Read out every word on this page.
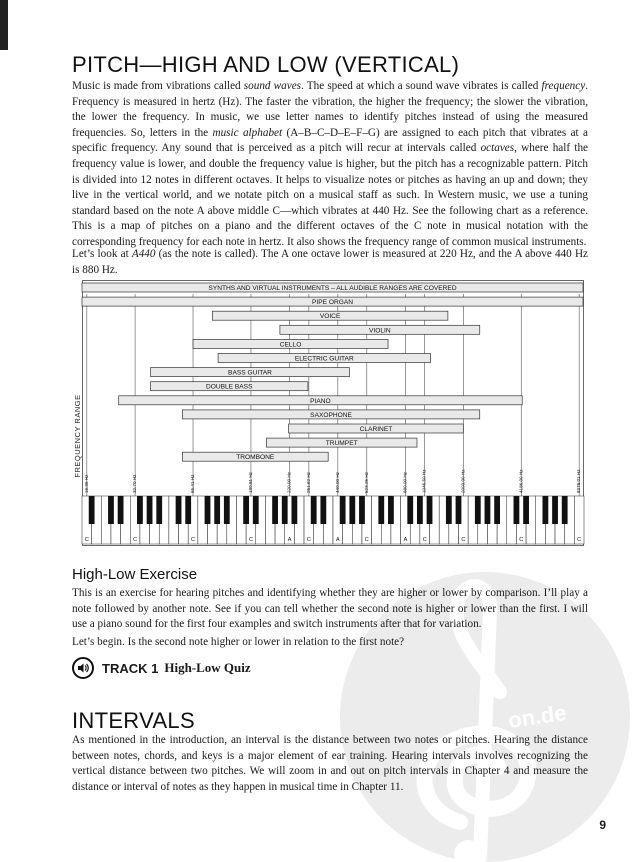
on.de
PITCH—HIGH AND LOW (VERTICAL)

Music is made from vibrations called sound waves. The speed at which a sound wave vibrates is called frequency. Frequency is measured in hertz (Hz). The faster the vibration, the higher the frequency; the slower the vibration, the lower the frequency. In music, we use letter names to identify pitches instead of using the measured frequencies. So, letters in the music alphabet (A–B–C–D–E–F–G) are assigned to each pitch that vibrates at a specific frequency. Any sound that is perceived as a pitch will recur at intervals called octaves, where half the frequency value is lower, and double the frequency value is higher, but the pitch has a recognizable pattern. Pitch is divided into 12 notes in different octaves. It helps to visualize notes or pitches as having an up and down; they live in the vertical world, and we notate pitch on a musical staff as such. In Western music, we use a tuning standard based on the note A above middle C—which vibrates at 440 Hz. See the following chart as a reference. This is a map of pitches on a piano and the different octaves of the C note in musical notation with the corresponding frequency for each note in hertz. It also shows the frequency range of common musical instruments.

Let’s look at A440 (as the note is called). The A one octave lower is measured at 220 Hz, and the A above 440 Hz is 880 Hz.

SYNTHS AND VIRTUAL INSTRUMENTS – ALL AUDIBLE RANGES ARE COVERED
PIPE ORGAN
VOICE
VIOLIN
CELLO
ELECTRIC GUITAR
BASS GUITAR
DOUBLE BASS
PIANO
SAXOPHONE
CLARINET
TRUMPET
TROMBONE
FREQUENCY RANGE
16.35 Hz	32.70 Hz	65.41 Hz	130.81 Hz	220.00 Hz	261.62 Hz	440.00 Hz	523.25 Hz	880.00 Hz	1046.50 Hz	2093.00 Hz	4186.00 Hz	8376.01 Hz
C	C	C	C	A	C	A	C	A	C	C	C	C
High-Low Exercise

This is an exercise for hearing pitches and identifying whether they are higher or lower by comparison. I’ll play a note followed by another note. See if you can tell whether the second note is higher or lower than the first. I will use a piano sound for the first four examples and switch instruments after that for variation.

Let’s begin. Is the second note higher or lower in relation to the first note?

TRACK 1 High-Low Quiz
INTERVALS

As mentioned in the introduction, an interval is the distance between two notes or pitches. Hearing the distance between notes, chords, and keys is a major element of ear training. Hearing intervals involves recognizing the vertical distance between two pitches. We will zoom in and out on pitch intervals in Chapter 4 and measure the distance or interval of notes as they happen in musical time in Chapter 11.

9
